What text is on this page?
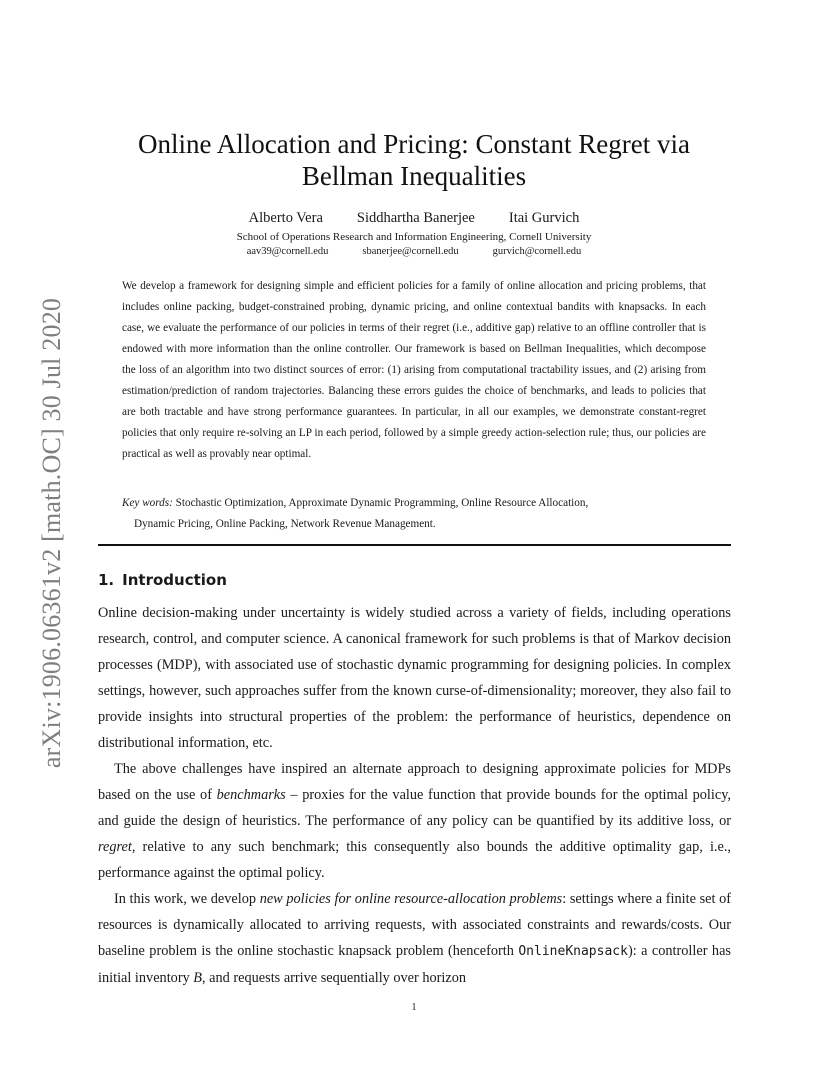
arXiv:1906.06361v2 [math.OC] 30 Jul 2020
Online Allocation and Pricing: Constant Regret via
Bellman Inequalities
Alberto Vera Siddhartha Banerjee Itai Gurvich
School of Operations Research and Information Engineering, Cornell University
aav39@cornell.edu	sbanerjee@cornell.edu	gurvich@cornell.edu
We develop a framework for designing simple and efficient policies for a family of online allocation and pricing problems, that includes online packing, budget-constrained probing, dynamic pricing, and online contextual bandits with knapsacks. In each case, we evaluate the performance of our policies in terms of their regret (i.e., additive gap) relative to an offline controller that is endowed with more information than the online controller. Our framework is based on Bellman Inequalities, which decompose the loss of an algorithm into two distinct sources of error: (1) arising from computational tractability issues, and (2) arising from estimation/prediction of random trajectories. Balancing these errors guides the choice of benchmarks, and leads to policies that are both tractable and have strong performance guarantees. In particular, in all our examples, we demonstrate constant-regret policies that only require re-solving an LP in each period, followed by a simple greedy action-selection rule; thus, our policies are practical as well as provably near optimal.
Key words: Stochastic Optimization, Approximate Dynamic Programming, Online Resource Allocation,
Dynamic Pricing, Online Packing, Network Revenue Management.
1. Introduction

Online decision-making under uncertainty is widely studied across a variety of fields, including operations research, control, and computer science. A canonical framework for such problems is that of Markov decision processes (MDP), with associated use of stochastic dynamic programming for designing policies. In complex settings, however, such approaches suffer from the known curse-of-dimensionality; moreover, they also fail to provide insights into structural properties of the problem: the performance of heuristics, dependence on distributional information, etc.

The above challenges have inspired an alternate approach to designing approximate policies for MDPs based on the use of benchmarks – proxies for the value function that provide bounds for the optimal policy, and guide the design of heuristics. The performance of any policy can be quantified by its additive loss, or regret, relative to any such benchmark; this consequently also bounds the additive optimality gap, i.e., performance against the optimal policy.

In this work, we develop new policies for online resource-allocation problems: settings where a finite set of resources is dynamically allocated to arriving requests, with associated constraints and rewards/costs. Our baseline problem is the online stochastic knapsack problem (henceforth OnlineKnapsack): a controller has initial inventory B, and requests arrive sequentially over horizon

1
